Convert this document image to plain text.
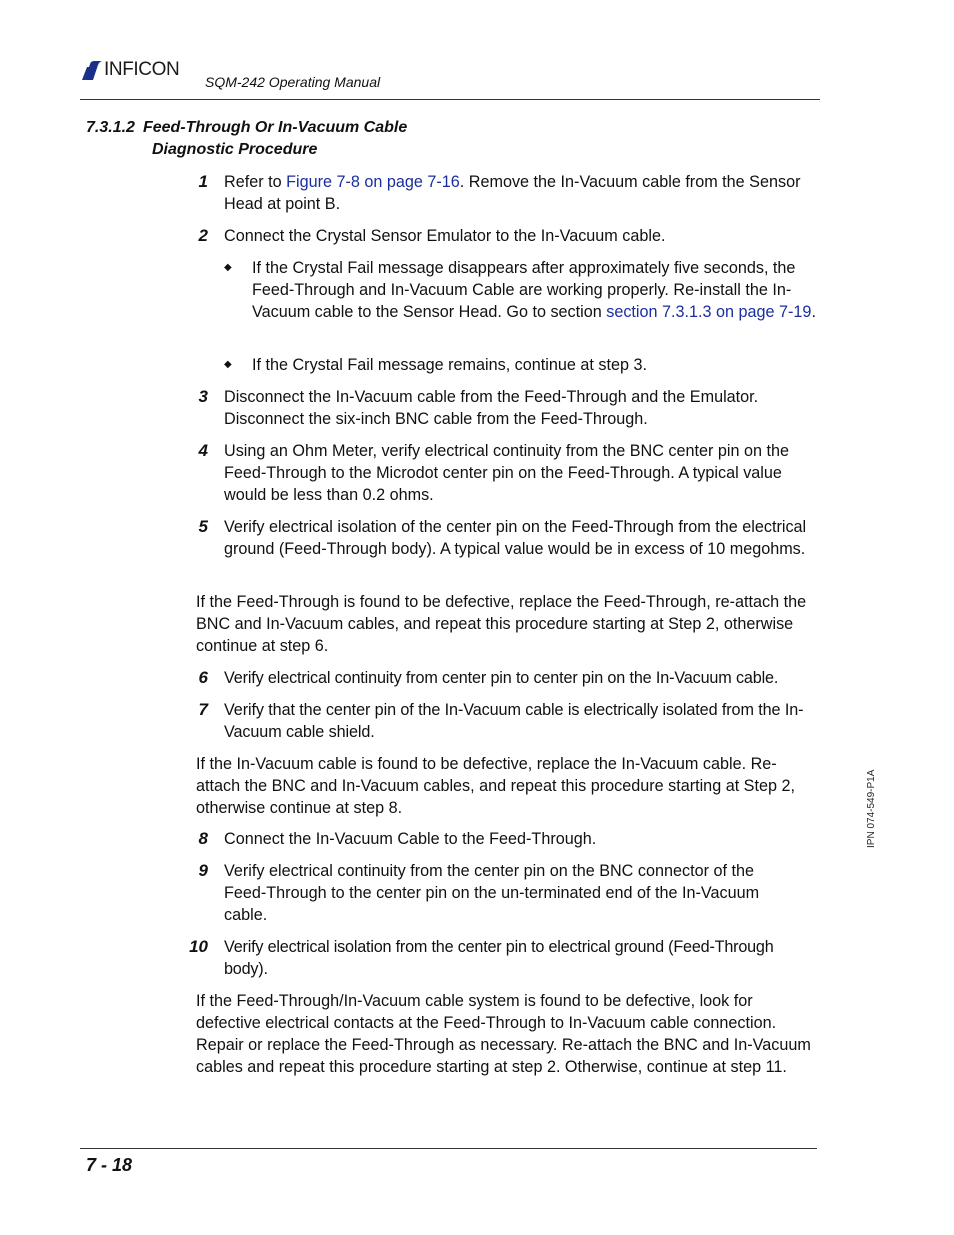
INFICON
SQM-242 Operating Manual
7.3.1.2 Feed-Through Or In-Vacuum Cable
Diagnostic Procedure
1 Refer to Figure 7-8 on page 7-16. Remove the In-Vacuum cable from the Sensor Head at point B.
2 Connect the Crystal Sensor Emulator to the In-Vacuum cable.
◆ If the Crystal Fail message disappears after approximately five seconds, the Feed-Through and In-Vacuum Cable are working properly. Re-install the In-Vacuum cable to the Sensor Head. Go to section section 7.3.1.3 on page 7-19.
◆ If the Crystal Fail message remains, continue at step 3.
3 Disconnect the In-Vacuum cable from the Feed-Through and the Emulator. Disconnect the six-inch BNC cable from the Feed-Through.
4 Using an Ohm Meter, verify electrical continuity from the BNC center pin on the Feed-Through to the Microdot center pin on the Feed-Through. A typical value would be less than 0.2 ohms.
5 Verify electrical isolation of the center pin on the Feed-Through from the electrical ground (Feed-Through body). A typical value would be in excess of 10 megohms.
If the Feed-Through is found to be defective, replace the Feed-Through, re-attach the BNC and In-Vacuum cables, and repeat this procedure starting at Step 2, otherwise continue at step 6.
6 Verify electrical continuity from center pin to center pin on the In-Vacuum cable.
7 Verify that the center pin of the In-Vacuum cable is electrically isolated from the In-Vacuum cable shield.
If the In-Vacuum cable is found to be defective, replace the In-Vacuum cable. Re-attach the BNC and In-Vacuum cables, and repeat this procedure starting at Step 2, otherwise continue at step 8.
8 Connect the In-Vacuum Cable to the Feed-Through.
9 Verify electrical continuity from the center pin on the BNC connector of the Feed-Through to the center pin on the un-terminated end of the In-Vacuum cable.
10 Verify electrical isolation from the center pin to electrical ground (Feed-Through body).
If the Feed-Through/In-Vacuum cable system is found to be defective, look for defective electrical contacts at the Feed-Through to In-Vacuum cable connection. Repair or replace the Feed-Through as necessary. Re-attach the BNC and In-Vacuum cables and repeat this procedure starting at step 2. Otherwise, continue at step 11.
IPN 074-549-P1A
7 - 18
